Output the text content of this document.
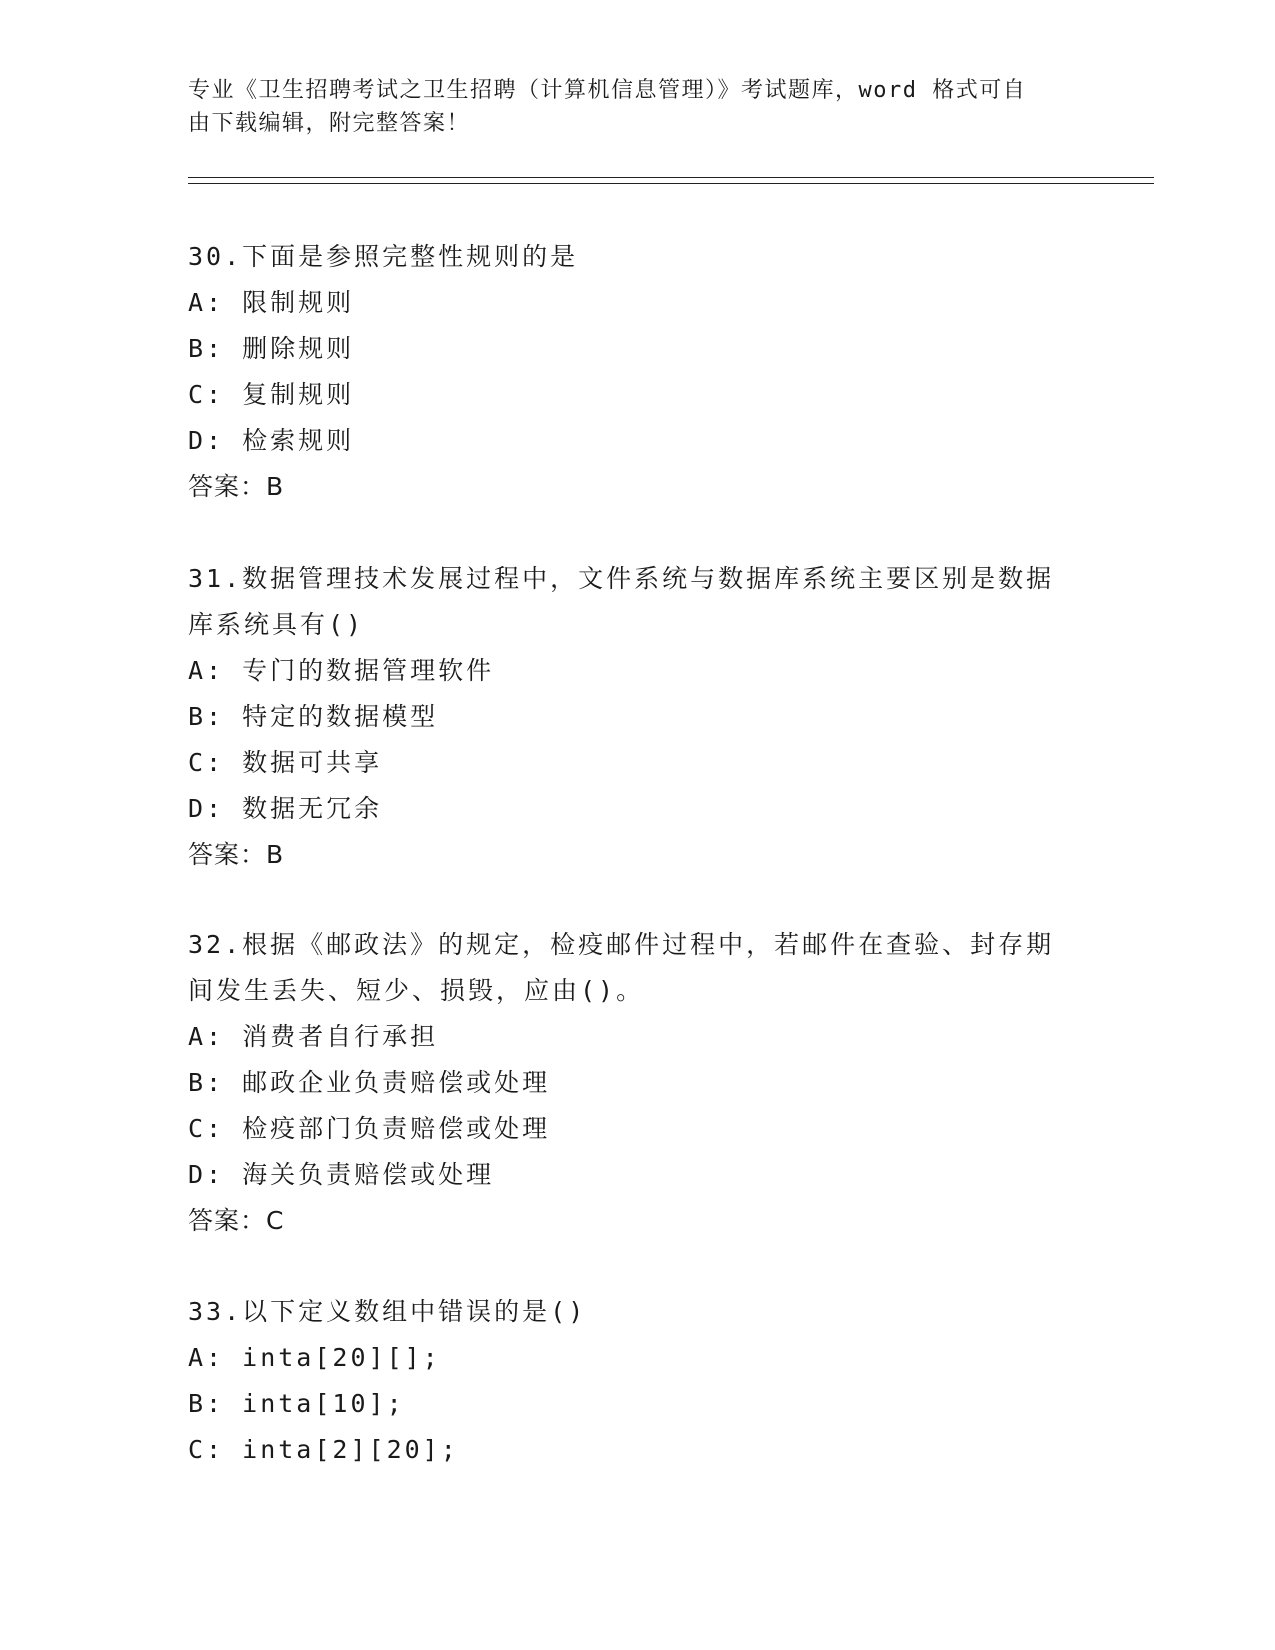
专业《卫生招聘考试之卫生招聘（计算机信息管理）》考试题库，word 格式可自
由下载编辑，附完整答案！
30.下面是参照完整性规则的是
A: 限制规则
B: 删除规则
C: 复制规则
D: 检索规则
答案：B
31.数据管理技术发展过程中，文件系统与数据库系统主要区别是数据
库系统具有()
A: 专门的数据管理软件
B: 特定的数据模型
C: 数据可共享
D: 数据无冗余
答案：B
32.根据《邮政法》的规定，检疫邮件过程中，若邮件在查验、封存期
间发生丢失、短少、损毁，应由()。
A: 消费者自行承担
B: 邮政企业负责赔偿或处理
C: 检疫部门负责赔偿或处理
D: 海关负责赔偿或处理
答案：C
33.以下定义数组中错误的是()
A: inta[20][];
B: inta[10];
C: inta[2][20];
